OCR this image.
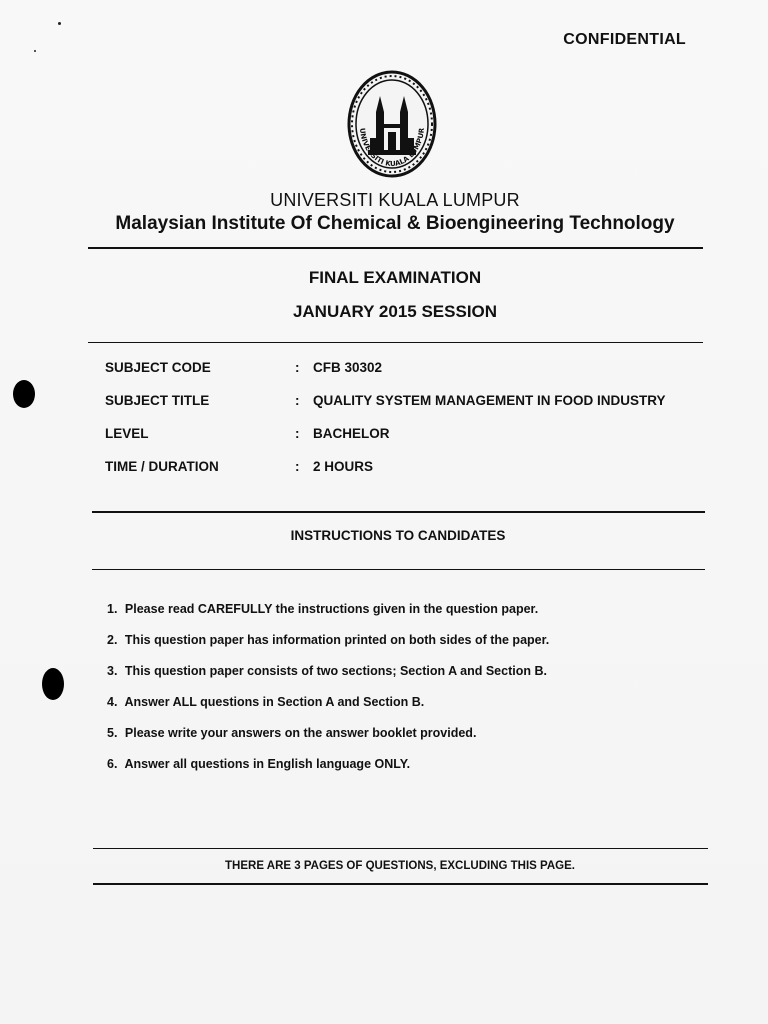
CONFIDENTIAL
UNIVERSITI KUALA LUMPUR
UNIVERSITI KUALA LUMPUR
Malaysian Institute Of Chemical & Bioengineering Technology
FINAL EXAMINATION
JANUARY 2015 SESSION
SUBJECT CODE	: CFB 30302
SUBJECT TITLE	: QUALITY SYSTEM MANAGEMENT IN FOOD INDUSTRY
LEVEL	: BACHELOR
TIME / DURATION	: 2 HOURS
INSTRUCTIONS TO CANDIDATES
1. Please read CAREFULLY the instructions given in the question paper.
2. This question paper has information printed on both sides of the paper.
3. This question paper consists of two sections; Section A and Section B.
4. Answer ALL questions in Section A and Section B.
5. Please write your answers on the answer booklet provided.
6. Answer all questions in English language ONLY.
THERE ARE 3 PAGES OF QUESTIONS, EXCLUDING THIS PAGE.
